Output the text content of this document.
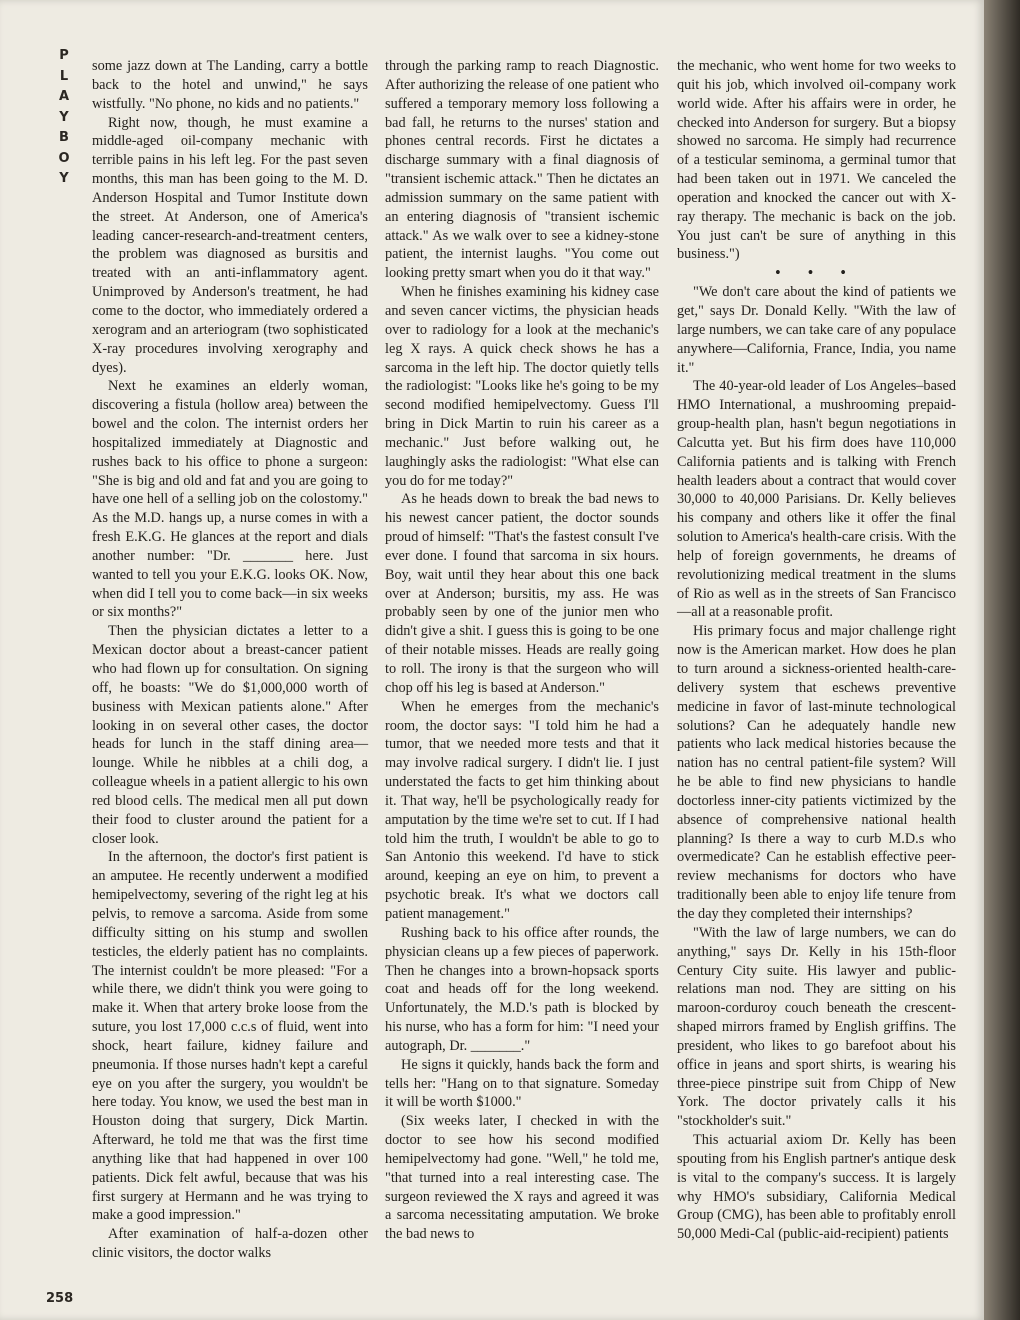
P
L
A
Y
B
O
Y

some jazz down at The Landing, carry a bottle back to the hotel and unwind," he says wistfully. "No phone, no kids and no patients."

Right now, though, he must examine a middle-aged oil-company mechanic with terrible pains in his left leg. For the past seven months, this man has been going to the M. D. Anderson Hospital and Tumor Institute down the street. At Anderson, one of America's leading cancer-research-and-treatment centers, the problem was diagnosed as bursitis and treated with an anti-inflammatory agent. Unimproved by Anderson's treatment, he had come to the doctor, who immediately ordered a xerogram and an arteriogram (two sophisticated X-ray procedures involving xerography and dyes).

Next he examines an elderly woman, discovering a fistula (hollow area) between the bowel and the colon. The internist orders her hospitalized immediately at Diagnostic and rushes back to his office to phone a surgeon: "She is big and old and fat and you are going to have one hell of a selling job on the colostomy." As the M.D. hangs up, a nurse comes in with a fresh E.K.G. He glances at the report and dials another number: "Dr. _______ here. Just wanted to tell you your E.K.G. looks OK. Now, when did I tell you to come back—in six weeks or six months?"

Then the physician dictates a letter to a Mexican doctor about a breast-cancer patient who had flown up for consultation. On signing off, he boasts: "We do $1,000,000 worth of business with Mexican patients alone." After looking in on several other cases, the doctor heads for lunch in the staff dining area—lounge. While he nibbles at a chili dog, a colleague wheels in a patient allergic to his own red blood cells. The medical men all put down their food to cluster around the patient for a closer look.

In the afternoon, the doctor's first patient is an amputee. He recently underwent a modified hemipelvectomy, severing of the right leg at his pelvis, to remove a sarcoma. Aside from some difficulty sitting on his stump and swollen testicles, the elderly patient has no complaints. The internist couldn't be more pleased: "For a while there, we didn't think you were going to make it. When that artery broke loose from the suture, you lost 17,000 c.c.s of fluid, went into shock, heart failure, kidney failure and pneumonia. If those nurses hadn't kept a careful eye on you after the surgery, you wouldn't be here today. You know, we used the best man in Houston doing that surgery, Dick Martin. Afterward, he told me that was the first time anything like that had happened in over 100 patients. Dick felt awful, because that was his first surgery at Hermann and he was trying to make a good impression."

After examination of half-a-dozen other clinic visitors, the doctor walks

through the parking ramp to reach Diagnostic. After authorizing the release of one patient who suffered a temporary memory loss following a bad fall, he returns to the nurses' station and phones central records. First he dictates a discharge summary with a final diagnosis of "transient ischemic attack." Then he dictates an admission summary on the same patient with an entering diagnosis of "transient ischemic attack." As we walk over to see a kidney-stone patient, the internist laughs. "You come out looking pretty smart when you do it that way."

When he finishes examining his kidney case and seven cancer victims, the physician heads over to radiology for a look at the mechanic's leg X rays. A quick check shows he has a sarcoma in the left hip. The doctor quietly tells the radiologist: "Looks like he's going to be my second modified hemipelvectomy. Guess I'll bring in Dick Martin to ruin his career as a mechanic." Just before walking out, he laughingly asks the radiologist: "What else can you do for me today?"

As he heads down to break the bad news to his newest cancer patient, the doctor sounds proud of himself: "That's the fastest consult I've ever done. I found that sarcoma in six hours. Boy, wait until they hear about this one back over at Anderson; bursitis, my ass. He was probably seen by one of the junior men who didn't give a shit. I guess this is going to be one of their notable misses. Heads are really going to roll. The irony is that the surgeon who will chop off his leg is based at Anderson."

When he emerges from the mechanic's room, the doctor says: "I told him he had a tumor, that we needed more tests and that it may involve radical surgery. I didn't lie. I just understated the facts to get him thinking about it. That way, he'll be psychologically ready for amputation by the time we're set to cut. If I had told him the truth, I wouldn't be able to go to San Antonio this weekend. I'd have to stick around, keeping an eye on him, to prevent a psychotic break. It's what we doctors call patient management."

Rushing back to his office after rounds, the physician cleans up a few pieces of paperwork. Then he changes into a brown-hopsack sports coat and heads off for the long weekend. Unfortunately, the M.D.'s path is blocked by his nurse, who has a form for him: "I need your autograph, Dr. _______."

He signs it quickly, hands back the form and tells her: "Hang on to that signature. Someday it will be worth $1000."

(Six weeks later, I checked in with the doctor to see how his second modified hemipelvectomy had gone. "Well," he told me, "that turned into a real interesting case. The surgeon reviewed the X rays and agreed it was a sarcoma necessitating amputation. We broke the bad news to

the mechanic, who went home for two weeks to quit his job, which involved oil-company work world wide. After his affairs were in order, he checked into Anderson for surgery. But a biopsy showed no sarcoma. He simply had recurrence of a testicular seminoma, a germinal tumor that had been taken out in 1971. We canceled the operation and knocked the cancer out with X-ray therapy. The mechanic is back on the job. You just can't be sure of anything in this business.")

• • •

"We don't care about the kind of patients we get," says Dr. Donald Kelly. "With the law of large numbers, we can take care of any populace anywhere—California, France, India, you name it."

The 40-year-old leader of Los Angeles–based HMO International, a mushrooming prepaid-group-health plan, hasn't begun negotiations in Calcutta yet. But his firm does have 110,000 California patients and is talking with French health leaders about a contract that would cover 30,000 to 40,000 Parisians. Dr. Kelly believes his company and others like it offer the final solution to America's health-care crisis. With the help of foreign governments, he dreams of revolutionizing medical treatment in the slums of Rio as well as in the streets of San Francisco—all at a reasonable profit.

His primary focus and major challenge right now is the American market. How does he plan to turn around a sickness-oriented health-care-delivery system that eschews preventive medicine in favor of last-minute technological solutions? Can he adequately handle new patients who lack medical histories because the nation has no central patient-file system? Will he be able to find new physicians to handle doctorless inner-city patients victimized by the absence of comprehensive national health planning? Is there a way to curb M.D.s who overmedicate? Can he establish effective peer-review mechanisms for doctors who have traditionally been able to enjoy life tenure from the day they completed their internships?

"With the law of large numbers, we can do anything," says Dr. Kelly in his 15th-floor Century City suite. His lawyer and public-relations man nod. They are sitting on his maroon-corduroy couch beneath the crescent-shaped mirrors framed by English griffins. The president, who likes to go barefoot about his office in jeans and sport shirts, is wearing his three-piece pinstripe suit from Chipp of New York. The doctor privately calls it his "stockholder's suit."

This actuarial axiom Dr. Kelly has been spouting from his English partner's antique desk is vital to the company's success. It is largely why HMO's subsidiary, California Medical Group (CMG), has been able to profitably enroll 50,000 Medi-Cal (public-aid-recipient) patients

258
